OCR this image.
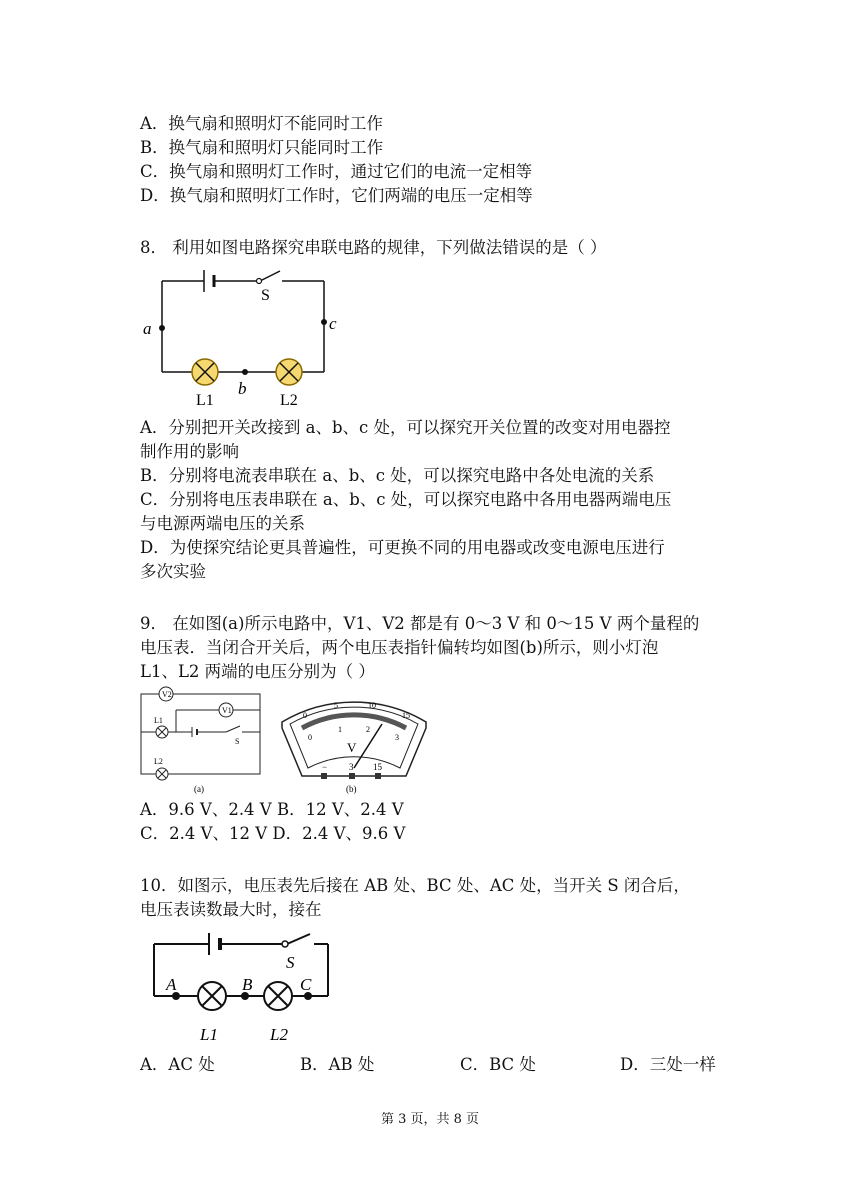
A．换气扇和照明灯不能同时工作
B．换气扇和照明灯只能同时工作
C．换气扇和照明灯工作时，通过它们的电流一定相等
D．换气扇和照明灯工作时，它们两端的电压一定相等
8． 利用如图电路探究串联电路的规律，下列做法错误的是（ ）
S
a	c
b
L1	L2
A．分别把开关改接到 a、b、c 处，可以探究开关位置的改变对用电器控
制作用的影响
B．分别将电流表串联在 a、b、c 处，可以探究电路中各处电流的关系
C．分别将电压表串联在 a、b、c 处，可以探究电路中各用电器两端电压
与电源两端电压的关系
D．为使探究结论更具普遍性，可更换不同的用电器或改变电源电压进行
多次实验
9． 在如图(a)所示电路中，V1、V2 都是有 0～3 V 和 0～15 V 两个量程的
电压表．当闭合开关后，两个电压表指针偏转均如图(b)所示，则小灯泡
L1、L2 两端的电压分别为（ ）
V2
V1
L1
L2
S
(a)
0
5	10
15
0
1	2
3
V
− 3 15
(b)
A．9.6 V、2.4 V B．12 V、2.4 V
C．2.4 V、12 V D．2.4 V、9.6 V
10．如图示，电压表先后接在 AB 处、BC 处、AC 处，当开关 S 闭合后，
电压表读数最大时，接在
S
A	B	C
L1	L2
A．AC 处	B．AB 处	C．BC 处	D．三处一样
第 3 页，共 8 页
